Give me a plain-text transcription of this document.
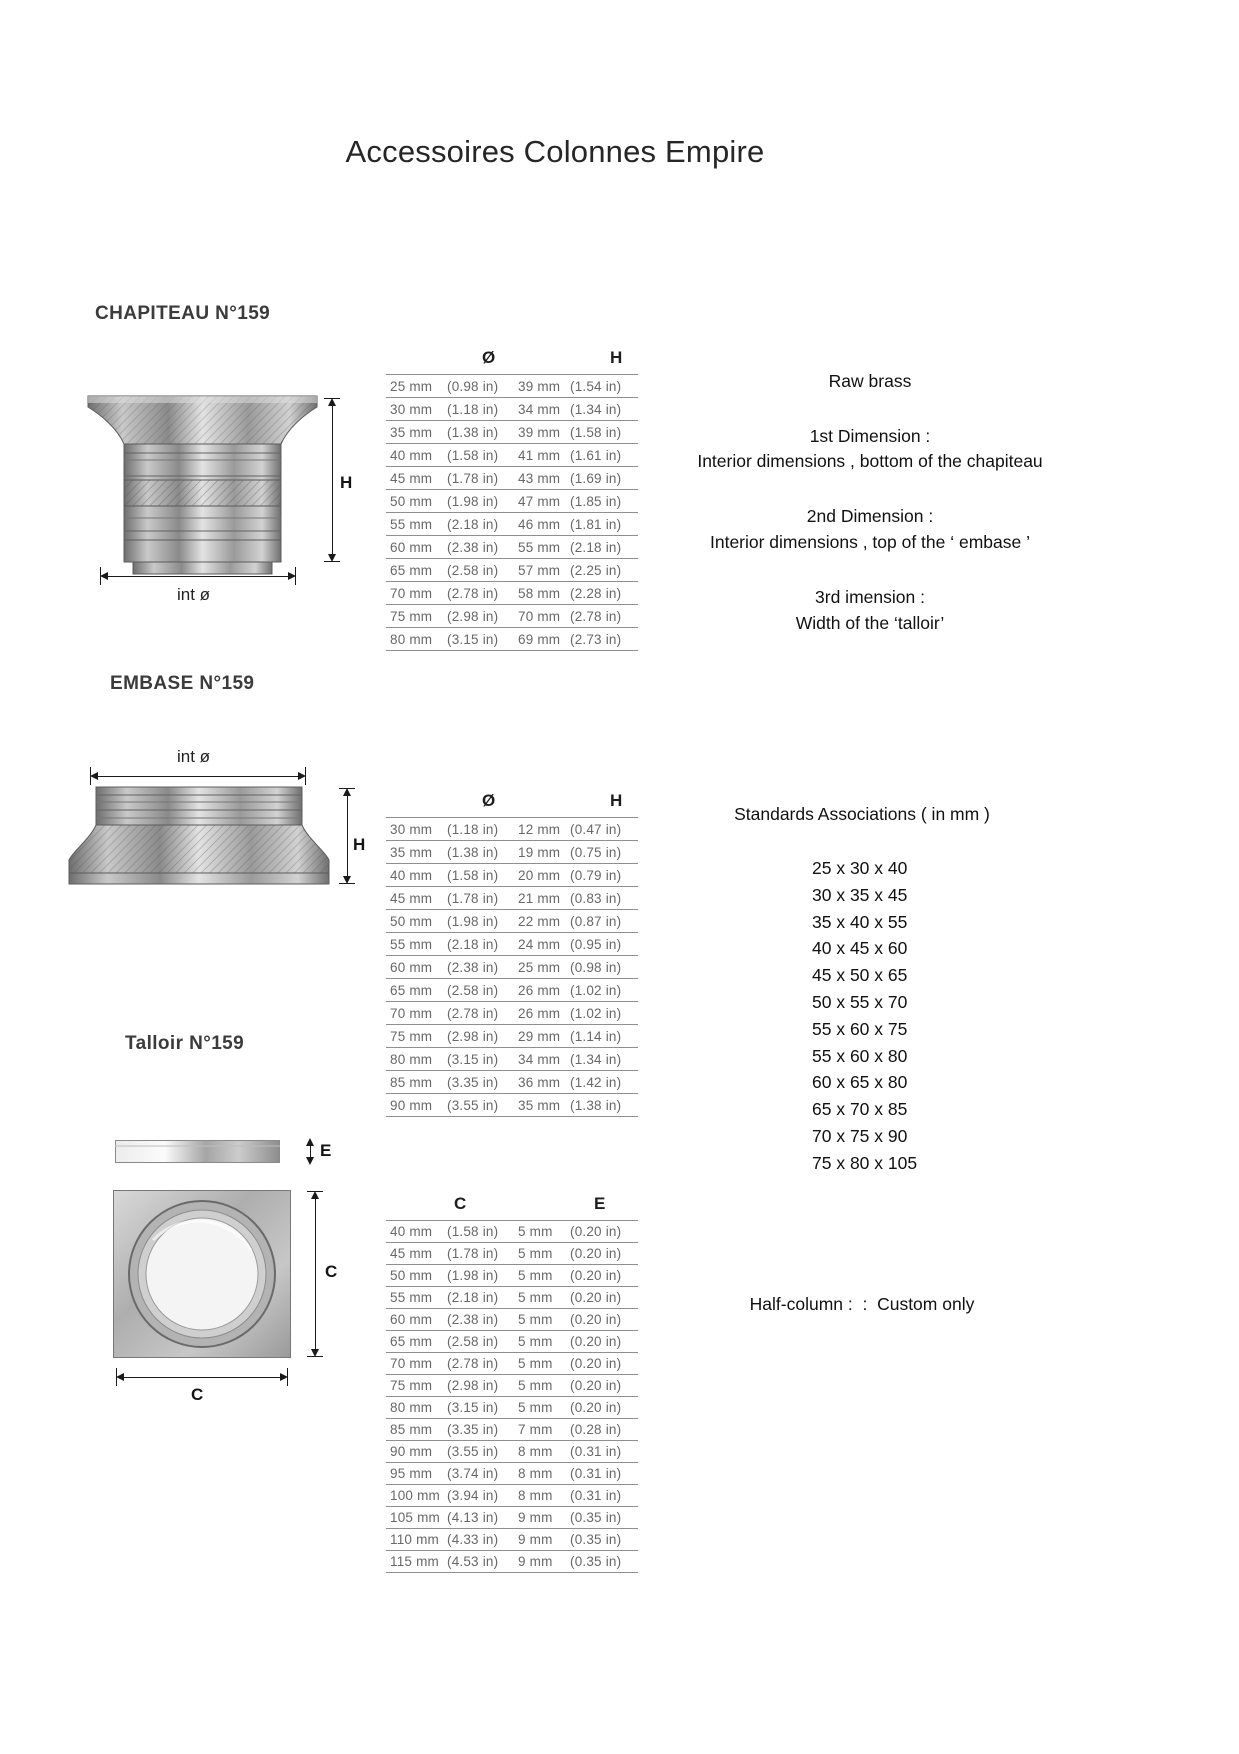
Accessoires Colonnes Empire
CHAPITEAU N°159
H
int ø
Ø	H
25 mm	(0.98 in)	39 mm (1.54 in)
30 mm	(1.18 in)	34 mm (1.34 in)
35 mm	(1.38 in)	39 mm (1.58 in)
40 mm	(1.58 in)	41 mm (1.61 in)
45 mm	(1.78 in)	43 mm (1.69 in)
50 mm	(1.98 in)	47 mm (1.85 in)
55 mm	(2.18 in)	46 mm (1.81 in)
60 mm	(2.38 in)	55 mm (2.18 in)
65 mm	(2.58 in)	57 mm (2.25 in)
70 mm	(2.78 in)	58 mm (2.28 in)
75 mm	(2.98 in)	70 mm (2.78 in)
80 mm	(3.15 in)	69 mm (2.73 in)
Raw brass
1st Dimension :
Interior dimensions , bottom of the chapiteau
2nd Dimension :
Interior dimensions , top of the ‘ embase ’
3rd imension :
Width of the ‘talloir’
EMBASE N°159
int ø
H
Ø	H
30 mm	(1.18 in)	12 mm (0.47 in)
35 mm	(1.38 in)	19 mm (0.75 in)
40 mm	(1.58 in)	20 mm (0.79 in)
45 mm	(1.78 in)	21 mm (0.83 in)
50 mm	(1.98 in)	22 mm (0.87 in)
55 mm	(2.18 in)	24 mm (0.95 in)
60 mm	(2.38 in)	25 mm (0.98 in)
65 mm	(2.58 in)	26 mm (1.02 in)
70 mm	(2.78 in)	26 mm (1.02 in)
75 mm	(2.98 in)	29 mm (1.14 in)
80 mm	(3.15 in)	34 mm (1.34 in)
85 mm	(3.35 in)	36 mm (1.42 in)
90 mm	(3.55 in)	35 mm (1.38 in)
Standards Associations ( in mm )
25 x 30 x 40
30 x 35 x 45
35 x 40 x 55
40 x 45 x 60
45 x 50 x 65
50 x 55 x 70
55 x 60 x 75
55 x 60 x 80
60 x 65 x 80
65 x 70 x 85
70 x 75 x 90
75 x 80 x 105
Talloir N°159
E
C
C
C	E
40 mm	(1.58 in)	5 mm	(0.20 in)
45 mm	(1.78 in)	5 mm	(0.20 in)
50 mm	(1.98 in)	5 mm	(0.20 in)
55 mm	(2.18 in)	5 mm	(0.20 in)
60 mm	(2.38 in)	5 mm	(0.20 in)
65 mm	(2.58 in)	5 mm	(0.20 in)
70 mm	(2.78 in)	5 mm	(0.20 in)
75 mm	(2.98 in)	5 mm	(0.20 in)
80 mm	(3.15 in)	5 mm	(0.20 in)
85 mm	(3.35 in)	7 mm	(0.28 in)
90 mm	(3.55 in)	8 mm	(0.31 in)
95 mm	(3.74 in)	8 mm	(0.31 in)
100 mm (3.94 in)	8 mm	(0.31 in)
105 mm (4.13 in)	9 mm	(0.35 in)
110 mm (4.33 in)	9 mm	(0.35 in)
115 mm (4.53 in)	9 mm	(0.35 in)
Half-column :  :  Custom only
